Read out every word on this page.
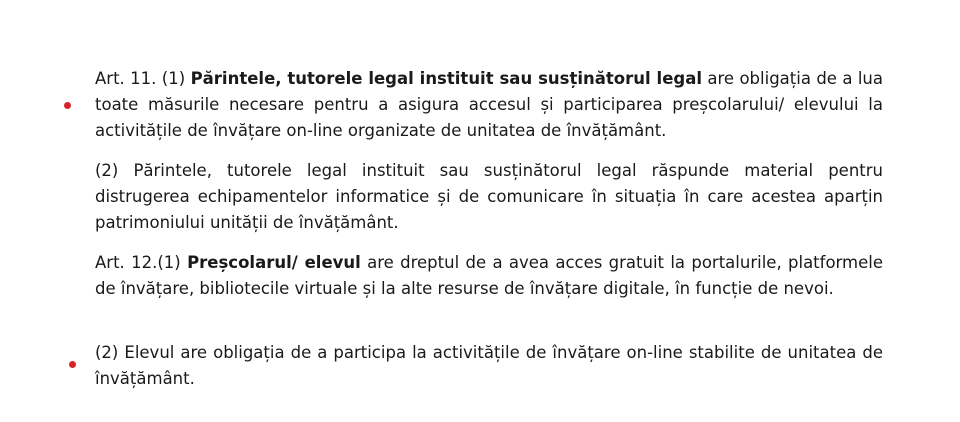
Art. 11. (1) Părintele, tutorele legal instituit sau susținătorul legal are obligația de a lua toate măsurile necesare pentru a asigura accesul și participarea preșcolarului/ elevului la activitățile de învățare on-line organizate de unitatea de învățământ.

(2) Părintele, tutorele legal instituit sau susținătorul legal răspunde material pentru distrugerea echipamentelor informatice și de comunicare în situația în care acestea aparțin patrimoniului unității de învățământ.

Art. 12.(1) Preșcolarul/ elevul are dreptul de a avea acces gratuit la portalurile, platformele de învățare, bibliotecile virtuale și la alte resurse de învățare digitale, în funcție de nevoi.

(2) Elevul are obligația de a participa la activitățile de învățare on-line stabilite de unitatea de învățământ.
